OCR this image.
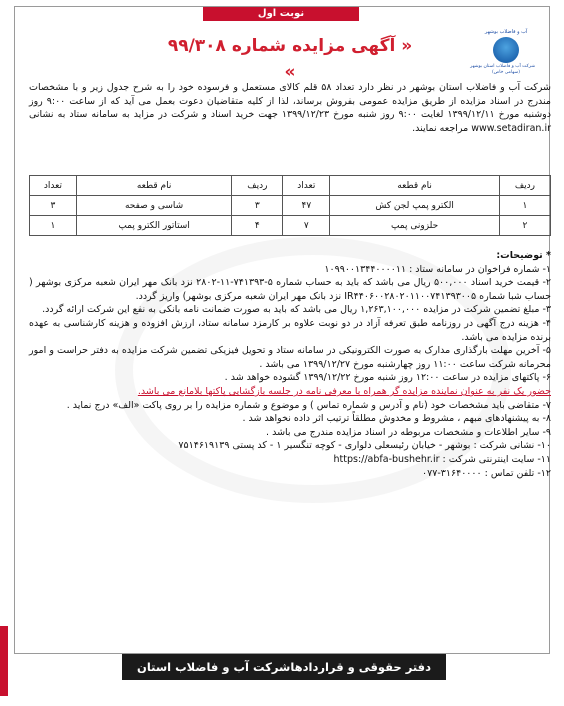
نوبت اول
آب و فاضلاب بوشهر
شرکت آب و فاضلاب استان بوشهر
(سهامی خاص)
« آگهی مزایده شماره ۹۹/۳۰۸ »
شرکت آب و فاضلاب استان بوشهر در نظر دارد تعداد ۵۸ قلم کالای مستعمل و فرسوده خود را به شرح جدول زیر و با مشخصات مندرج در اسناد مزایده از طریق مزایده عمومی بفروش برساند، لذا از کلیه متقاضیان دعوت بعمل می آید که از ساعت ۹:۰۰ روز دوشنبه مورخ ۱۳۹۹/۱۲/۱۱ لغایت ۹:۰۰ روز شنبه مورخ ۱۳۹۹/۱۲/۲۳ جهت خرید اسناد و شرکت در مزاید به سامانه ستاد به نشانی www.setadiran.ir مراجعه نمایند.
ردیف	نام قطعه	تعداد	ردیف	نام قطعه	تعداد
۱	الکترو پمپ لجن کش	۴۷	۳	شاسی و صفحه	۳
۲	حلزونی پمپ	۷	۴	استاتور الکترو پمپ	۱

* توضیحات:

۱- شماره فراخوان در سامانه ستاد : ۱۰۹۹۰۰۱۳۴۴۰۰۰۰۱۱

۲- قیمت خرید اسناد ۵۰۰,۰۰۰ ریال می باشد که باید به حساب شماره ۵-۷۴۱۳۹۳-۱۱-۲۸۰۲ نزد بانک مهر ایران شعبه مرکزی بوشهر ( حساب شبا شماره IR۴۴۰۶۰۰۲۸۰۲۰۱۱۰۰۷۴۱۳۹۳۰۰۵ نزد بانک مهر ایران شعبه مرکزی بوشهر) واریز گردد.

۳- مبلغ تضمین شرکت در مزایده ۱,۲۶۳,۱۰۰,۰۰۰ ریال می باشد که باید به صورت ضمانت نامه بانکی به نفع این شرکت ارائه گردد.

۴- هزینه درج آگهی در روزنامه طبق تعرفه آزاد در دو نوبت علاوه بر کارمزد سامانه ستاد، ارزش افزوده و هزینه کارشناسی به عهده برنده مزایده می باشد.

۵- آخرین مهلت بارگذاری مدارک به صورت الکترونیکی در سامانه ستاد و تحویل فیزیکی تضمین شرکت مزایده به دفتر حراست و امور محرمانه شرکت ساعت ۱۱:۰۰ روز چهارشنبه مورخ ۱۳۹۹/۱۲/۲۷ می باشد .

۶- پاکتهای مزایده در ساعت ۱۲:۰۰ روز شنبه مورخ ۱۳۹۹/۱۲/۲۲ گشوده خواهد شد .

حضور یک نفر به عنوان نماینده مزایده گر همراه با معرفی نامه در جلسه بازگشایی پاکتها بلامانع می باشد.

۷- متقاضی باید مشخصات خود (نام و آدرس و شماره تماس ) و موضوع و شماره مزایده را بر روی پاکت «الف» درج نماید .

۸- به پیشنهادهای مبهم ، مشروط و مخدوش مطلقاً ترتیب اثر داده نخواهد شد .

۹- سایر اطلاعات و مشخصات مربوطه در اسناد مزایده مندرج می باشد .

۱۰- نشانی شرکت : بوشهر - خیابان رئیسعلی دلواری - کوچه تنگسیر ۱ - کد پستی ۷۵۱۴۶۱۹۱۳۹

۱۱- سایت اینترنتی شرکت : https://abfa-bushehr.ir

۱۲- تلفن تماس : ۳۱۶۴۰۰۰۰-۰۷۷

دفتر حقوقی و قراردادهاشرکت آب و فاضلاب استان بوشهر
